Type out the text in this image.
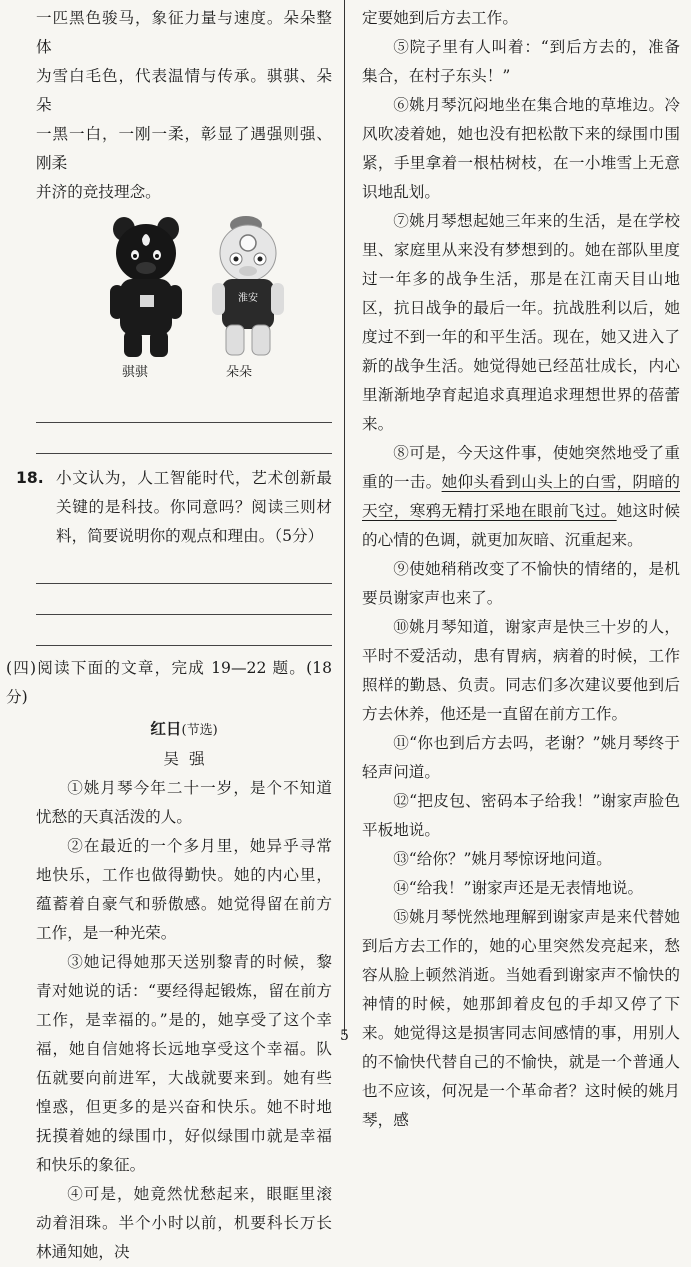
一匹黑色骏马，象征力量与速度。朵朵整体

为雪白毛色，代表温情与传承。骐骐、朵朵

一黑一白，一刚一柔，彰显了遇强则强、刚柔

并济的竞技理念。

淮安
骐骐	朵朵
18. 小文认为，人工智能时代，艺术创新最关键的是科技。你同意吗？阅读三则材料，简要说明你的观点和理由。（5分）

(四)阅读下面的文章，完成 19—22 题。(18 分)

红日(节选)

吴强

①姚月琴今年二十一岁，是个不知道忧愁的天真活泼的人。

②在最近的一个多月里，她异乎寻常地快乐，工作也做得勤快。她的内心里，蕴蓄着自豪气和骄傲感。她觉得留在前方工作，是一种光荣。

③她记得她那天送别黎青的时候，黎青对她说的话：“要经得起锻炼，留在前方工作，是幸福的。”是的，她享受了这个幸福，她自信她将长远地享受这个幸福。队伍就要向前进军，大战就要来到。她有些惶惑，但更多的是兴奋和快乐。她不时地抚摸着她的绿围巾，好似绿围巾就是幸福和快乐的象征。

④可是，她竟然忧愁起来，眼眶里滚动着泪珠。半个小时以前，机要科长万长林通知她，决

定要她到后方去工作。

⑤院子里有人叫着：“到后方去的，准备集合，在村子东头！”

⑥姚月琴沉闷地坐在集合地的草堆边。冷风吹凌着她，她也没有把松散下来的绿围巾围紧，手里拿着一根枯树枝，在一小堆雪上无意识地乱划。

⑦姚月琴想起她三年来的生活，是在学校里、家庭里从来没有梦想到的。她在部队里度过一年多的战争生活，那是在江南天目山地区，抗日战争的最后一年。抗战胜利以后，她度过不到一年的和平生活。现在，她又进入了新的战争生活。她觉得她已经茁壮成长，内心里渐渐地孕育起追求真理追求理想世界的蓓蕾来。

⑧可是，今天这件事，使她突然地受了重重的一击。她仰头看到山头上的白雪，阴暗的天空，寒鸦无精打采地在眼前飞过。她这时候的心情的色调，就更加灰暗、沉重起来。

⑨使她稍稍改变了不愉快的情绪的，是机要员谢家声也来了。

⑩姚月琴知道，谢家声是快三十岁的人，平时不爱活动，患有胃病，病着的时候，工作照样的勤恳、负责。同志们多次建议要他到后方去休养，他还是一直留在前方工作。

⑪“你也到后方去吗，老谢？”姚月琴终于轻声问道。

⑫“把皮包、密码本子给我！”谢家声脸色平板地说。

⑬“给你？”姚月琴惊讶地问道。

⑭“给我！”谢家声还是无表情地说。

⑮姚月琴恍然地理解到谢家声是来代替她到后方去工作的，她的心里突然发亮起来，愁容从脸上顿然消逝。当她看到谢家声不愉快的神情的时候，她那卸着皮包的手却又停了下来。她觉得这是损害同志间感情的事，用别人的不愉快代替自己的不愉快，就是一个普通人也不应该，何况是一个革命者？这时候的姚月琴，感

5
